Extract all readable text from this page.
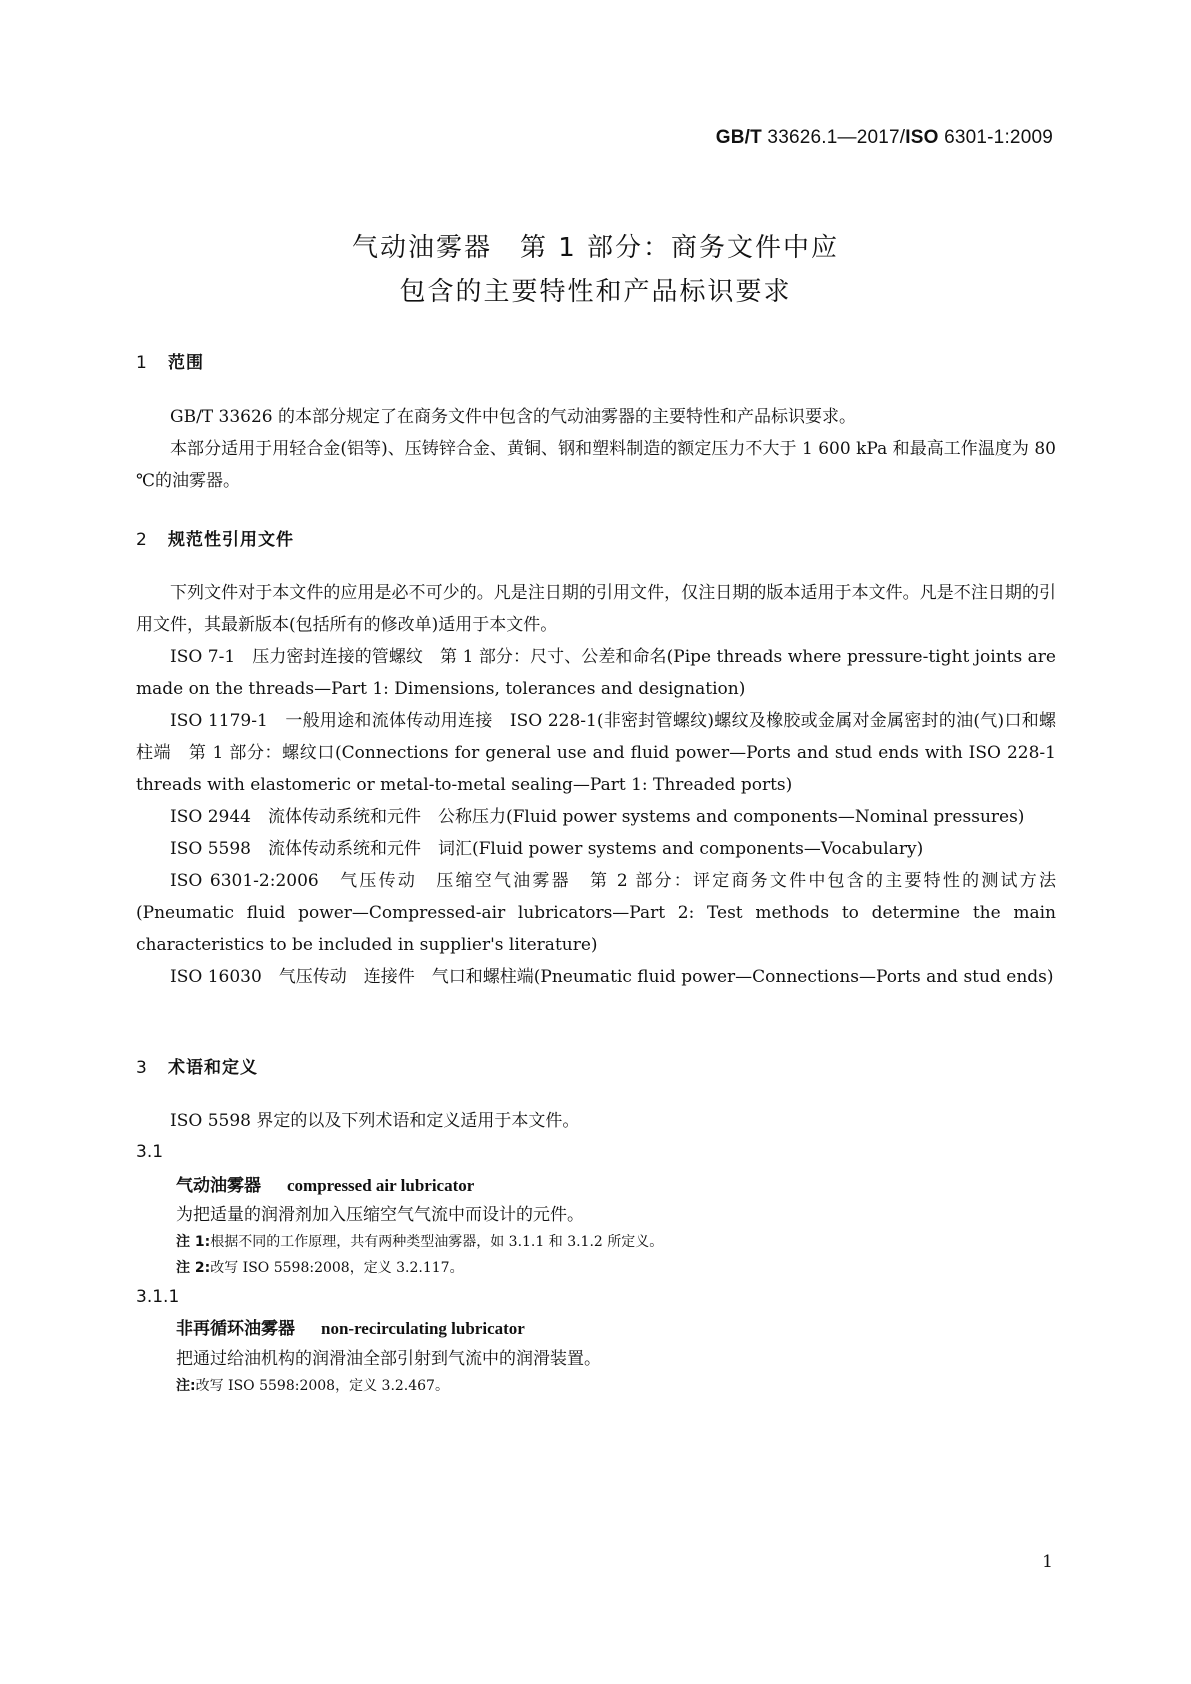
GB/T 33626.1—2017/ISO 6301-1:2009
气动油雾器　第 1 部分：商务文件中应
包含的主要特性和产品标识要求
1 范围

GB/T 33626 的本部分规定了在商务文件中包含的气动油雾器的主要特性和产品标识要求。

本部分适用于用轻合金(铝等)、压铸锌合金、黄铜、钢和塑料制造的额定压力不大于 1 600 kPa 和最高工作温度为 80 ℃的油雾器。

2 规范性引用文件

下列文件对于本文件的应用是必不可少的。凡是注日期的引用文件，仅注日期的版本适用于本文件。凡是不注日期的引用文件，其最新版本(包括所有的修改单)适用于本文件。

ISO 7-1　压力密封连接的管螺纹　第 1 部分：尺寸、公差和命名(Pipe threads where pressure-tight joints are made on the threads—Part 1: Dimensions, tolerances and designation)

ISO 1179-1　一般用途和流体传动用连接　ISO 228-1(非密封管螺纹)螺纹及橡胶或金属对金属密封的油(气)口和螺柱端　第 1 部分：螺纹口(Connections for general use and fluid power—Ports and stud ends with ISO 228-1 threads with elastomeric or metal-to-metal sealing—Part 1: Threaded ports)

ISO 2944　流体传动系统和元件　公称压力(Fluid power systems and components—Nominal pressures)

ISO 5598　流体传动系统和元件　词汇(Fluid power systems and components—Vocabulary)

ISO 6301-2:2006　气压传动　压缩空气油雾器　第 2 部分：评定商务文件中包含的主要特性的测试方法(Pneumatic fluid power—Compressed-air lubricators—Part 2: Test methods to determine the main characteristics to be included in supplier's literature)

ISO 16030　气压传动　连接件　气口和螺柱端(Pneumatic fluid power—Connections—Ports and stud ends)

3 术语和定义

ISO 5598 界定的以及下列术语和定义适用于本文件。

3.1
气动油雾器 compressed air lubricator
为把适量的润滑剂加入压缩空气气流中而设计的元件。
注 1:根据不同的工作原理，共有两种类型油雾器，如 3.1.1 和 3.1.2 所定义。
注 2:改写 ISO 5598:2008，定义 3.2.117。
3.1.1
非再循环油雾器 non-recirculating lubricator
把通过给油机构的润滑油全部引射到气流中的润滑装置。
注:改写 ISO 5598:2008，定义 3.2.467。
1
